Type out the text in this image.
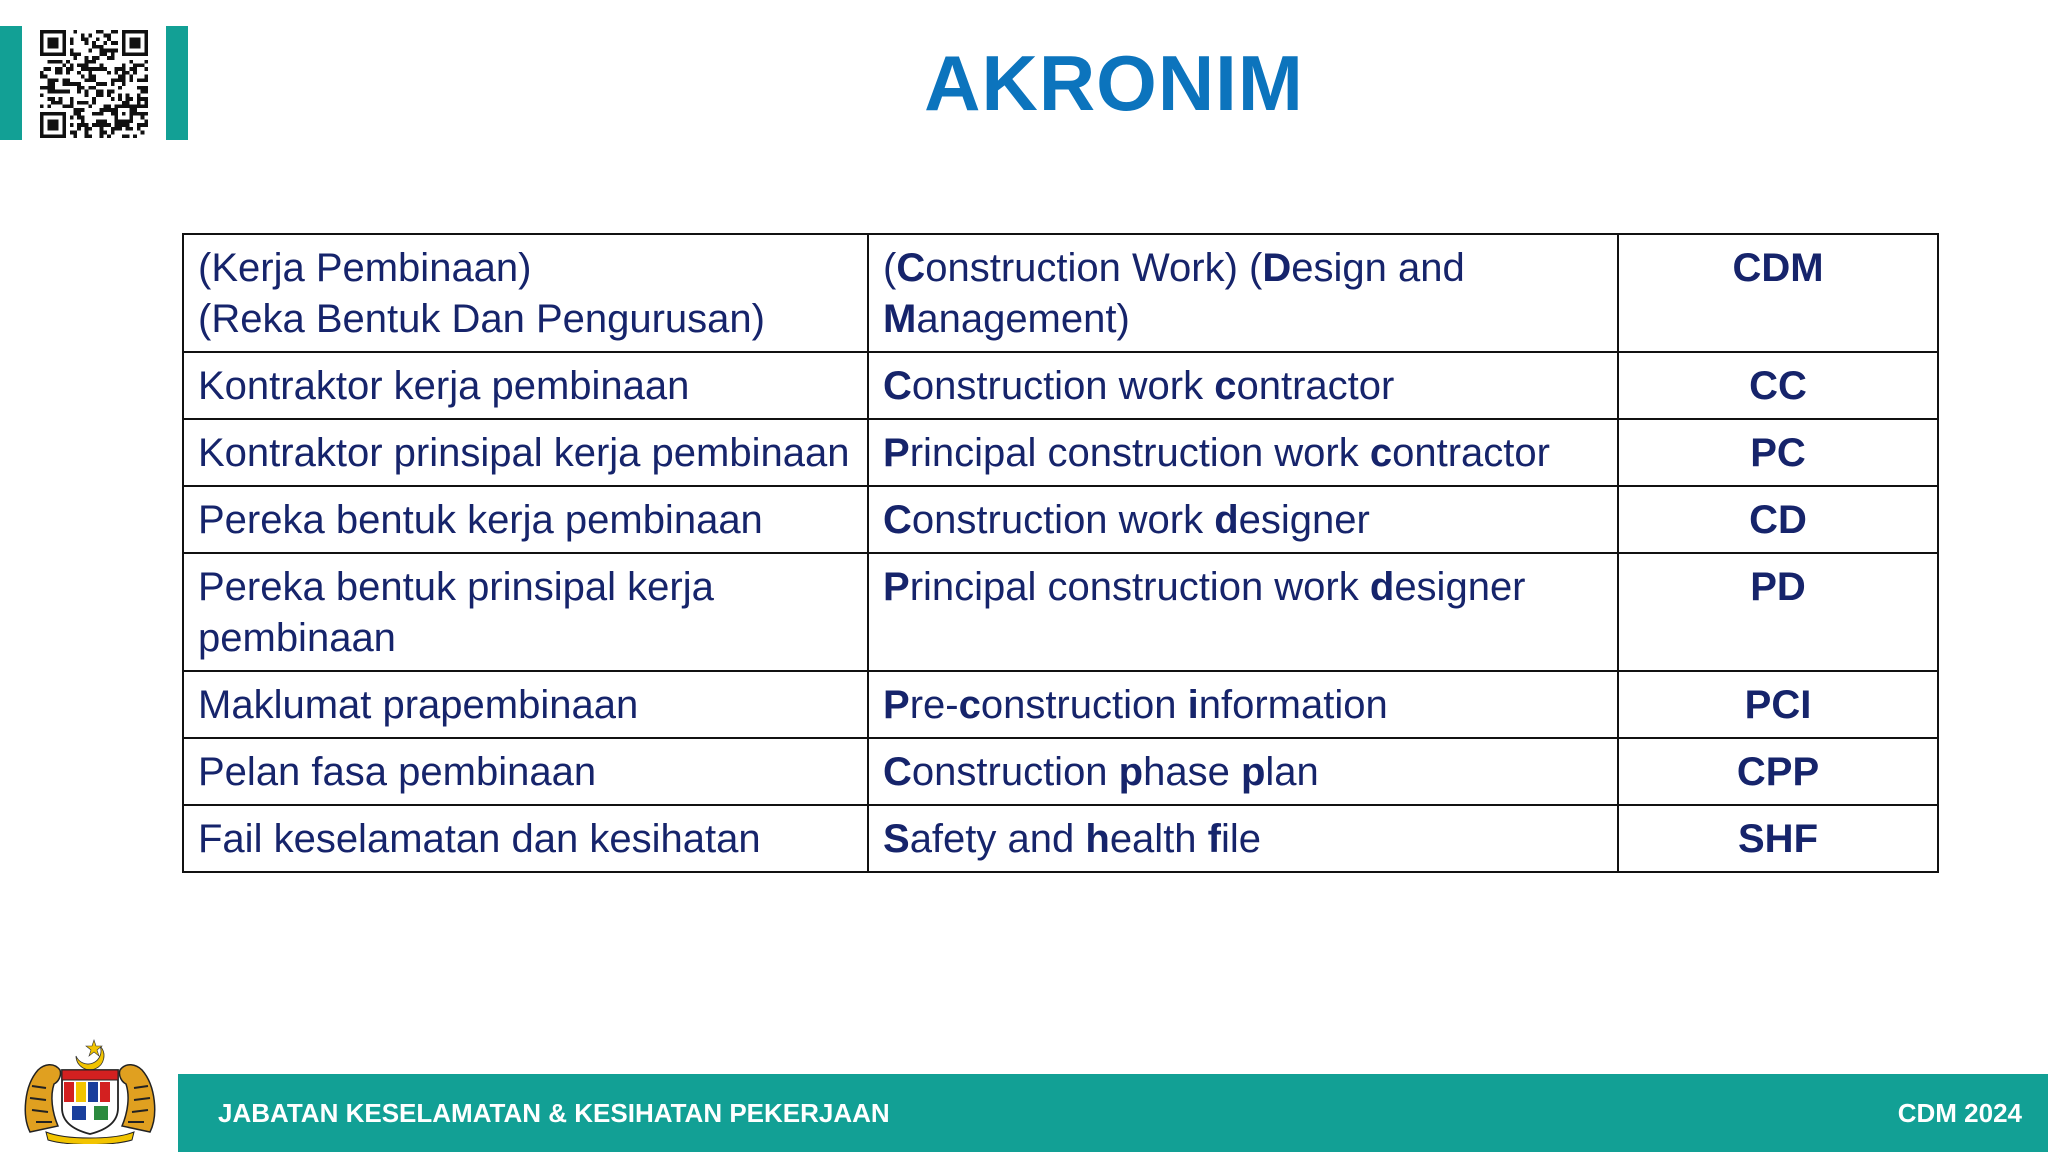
AKRONIM
(Kerja Pembinaan)
(Reka Bentuk Dan Pengurusan)	(Construction Work) (Design and Management)	CDM
Kontraktor kerja pembinaan	Construction work contractor	CC
Kontraktor prinsipal kerja pembinaan	Principal construction work contractor	PC
Pereka bentuk kerja pembinaan	Construction work designer	CD
Pereka bentuk prinsipal kerja pembinaan	Principal construction work designer	PD
Maklumat prapembinaan	Pre-construction information	PCI
Pelan fasa pembinaan	Construction phase plan	CPP
Fail keselamatan dan kesihatan	Safety and health file	SHF
JABATAN KESELAMATAN & KESIHATAN PEKERJAAN	CDM 2024
